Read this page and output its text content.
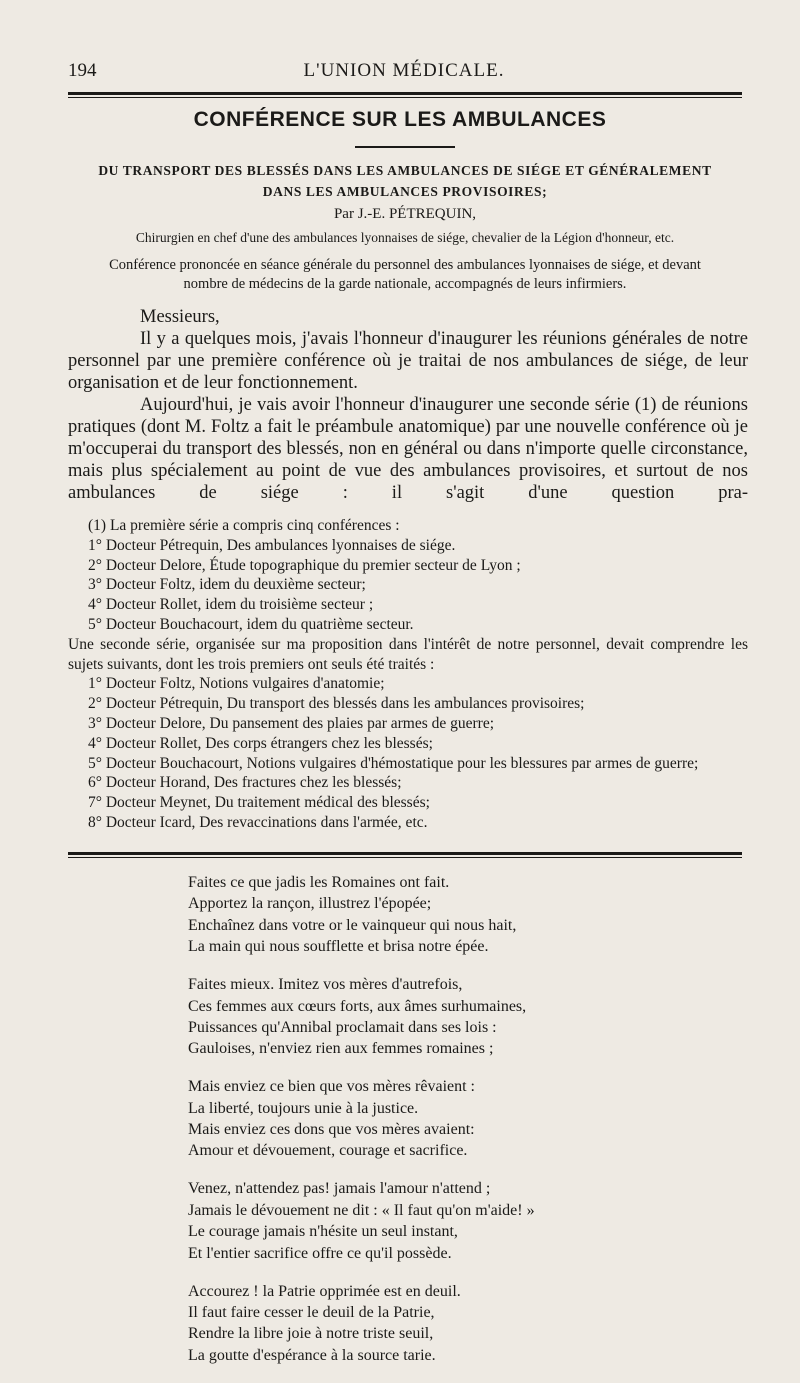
194	L'UNION MÉDICALE.
CONFÉRENCE SUR LES AMBULANCES
DU TRANSPORT DES BLESSÉS DANS LES AMBULANCES DE SIÉGE ET GÉNÉRALEMENT
DANS LES AMBULANCES PROVISOIRES;
Par J.-E. PÉTREQUIN,
Chirurgien en chef d'une des ambulances lyonnaises de siége, chevalier de la Légion d'honneur, etc.
Conférence prononcée en séance générale du personnel des ambulances lyonnaises de siége, et devant
nombre de médecins de la garde nationale, accompagnés de leurs infirmiers.

Messieurs,

Il y a quelques mois, j'avais l'honneur d'inaugurer les réunions générales de notre personnel par une première conférence où je traitai de nos ambulances de siége, de leur organisation et de leur fonctionnement.

Aujourd'hui, je vais avoir l'honneur d'inaugurer une seconde série (1) de réunions pratiques (dont M. Foltz a fait le préambule anatomique) par une nouvelle conférence où je m'occuperai du transport des blessés, non en général ou dans n'importe quelle circonstance, mais plus spécialement au point de vue des ambulances provisoires, et surtout de nos ambulances de siége : il s'agit d'une question pra-

(1) La première série a compris cinq conférences :

1° Docteur Pétrequin, Des ambulances lyonnaises de siége.

2° Docteur Delore, Étude topographique du premier secteur de Lyon ;

3° Docteur Foltz, idem du deuxième secteur;

4° Docteur Rollet, idem du troisième secteur ;

5° Docteur Bouchacourt, idem du quatrième secteur.

Une seconde série, organisée sur ma proposition dans l'intérêt de notre personnel, devait comprendre les sujets suivants, dont les trois premiers ont seuls été traités :

1° Docteur Foltz, Notions vulgaires d'anatomie;

2° Docteur Pétrequin, Du transport des blessés dans les ambulances provisoires;

3° Docteur Delore, Du pansement des plaies par armes de guerre;

4° Docteur Rollet, Des corps étrangers chez les blessés;

5° Docteur Bouchacourt, Notions vulgaires d'hémostatique pour les blessures par armes de guerre;

6° Docteur Horand, Des fractures chez les blessés;

7° Docteur Meynet, Du traitement médical des blessés;

8° Docteur Icard, Des revaccinations dans l'armée, etc.

Faites ce que jadis les Romaines ont fait.
Apportez la rançon, illustrez l'épopée;
Enchaînez dans votre or le vainqueur qui nous hait,
La main qui nous soufflette et brisa notre épée.
Faites mieux. Imitez vos mères d'autrefois,
Ces femmes aux cœurs forts, aux âmes surhumaines,
Puissances qu'Annibal proclamait dans ses lois :
Gauloises, n'enviez rien aux femmes romaines ;
Mais enviez ce bien que vos mères rêvaient :
La liberté, toujours unie à la justice.
Mais enviez ces dons que vos mères avaient:
Amour et dévouement, courage et sacrifice.
Venez, n'attendez pas! jamais l'amour n'attend ;
Jamais le dévouement ne dit : « Il faut qu'on m'aide! »
Le courage jamais n'hésite un seul instant,
Et l'entier sacrifice offre ce qu'il possède.
Accourez ! la Patrie opprimée est en deuil.
Il faut faire cesser le deuil de la Patrie,
Rendre la libre joie à notre triste seuil,
La goutte d'espérance à la source tarie.
